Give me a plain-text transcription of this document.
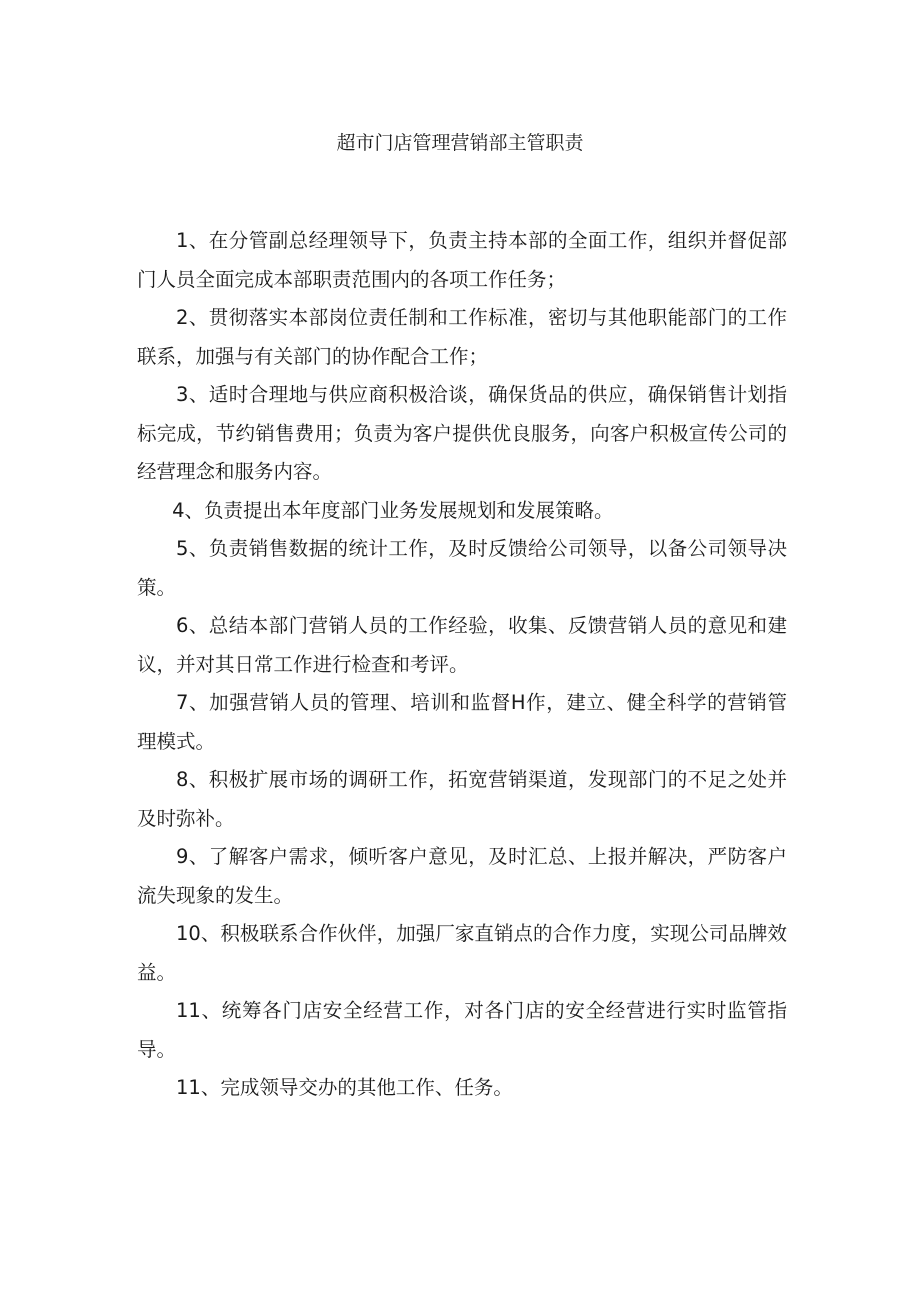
超市门店管理营销部主管职责

1、在分管副总经理领导下，负责主持本部的全面工作，组织并督促部门人员全面完成本部职责范围内的各项工作任务；

2、贯彻落实本部岗位责任制和工作标准，密切与其他职能部门的工作联系，加强与有关部门的协作配合工作；

3、适时合理地与供应商积极洽谈，确保货品的供应，确保销售计划指标完成，节约销售费用；负责为客户提供优良服务，向客户积极宣传公司的经营理念和服务内容。

4、负责提出本年度部门业务发展规划和发展策略。

5、负责销售数据的统计工作，及时反馈给公司领导，以备公司领导决策。

6、总结本部门营销人员的工作经验，收集、反馈营销人员的意见和建议，并对其日常工作进行检查和考评。

7、加强营销人员的管理、培训和监督H作，建立、健全科学的营销管理模式。

8、积极扩展市场的调研工作，拓宽营销渠道，发现部门的不足之处并及时弥补。

9、了解客户需求，倾听客户意见，及时汇总、上报并解决，严防客户流失现象的发生。

10、积极联系合作伙伴，加强厂家直销点的合作力度，实现公司品牌效益。

11、统筹各门店安全经营工作，对各门店的安全经营进行实时监管指导。

11、完成领导交办的其他工作、任务。
